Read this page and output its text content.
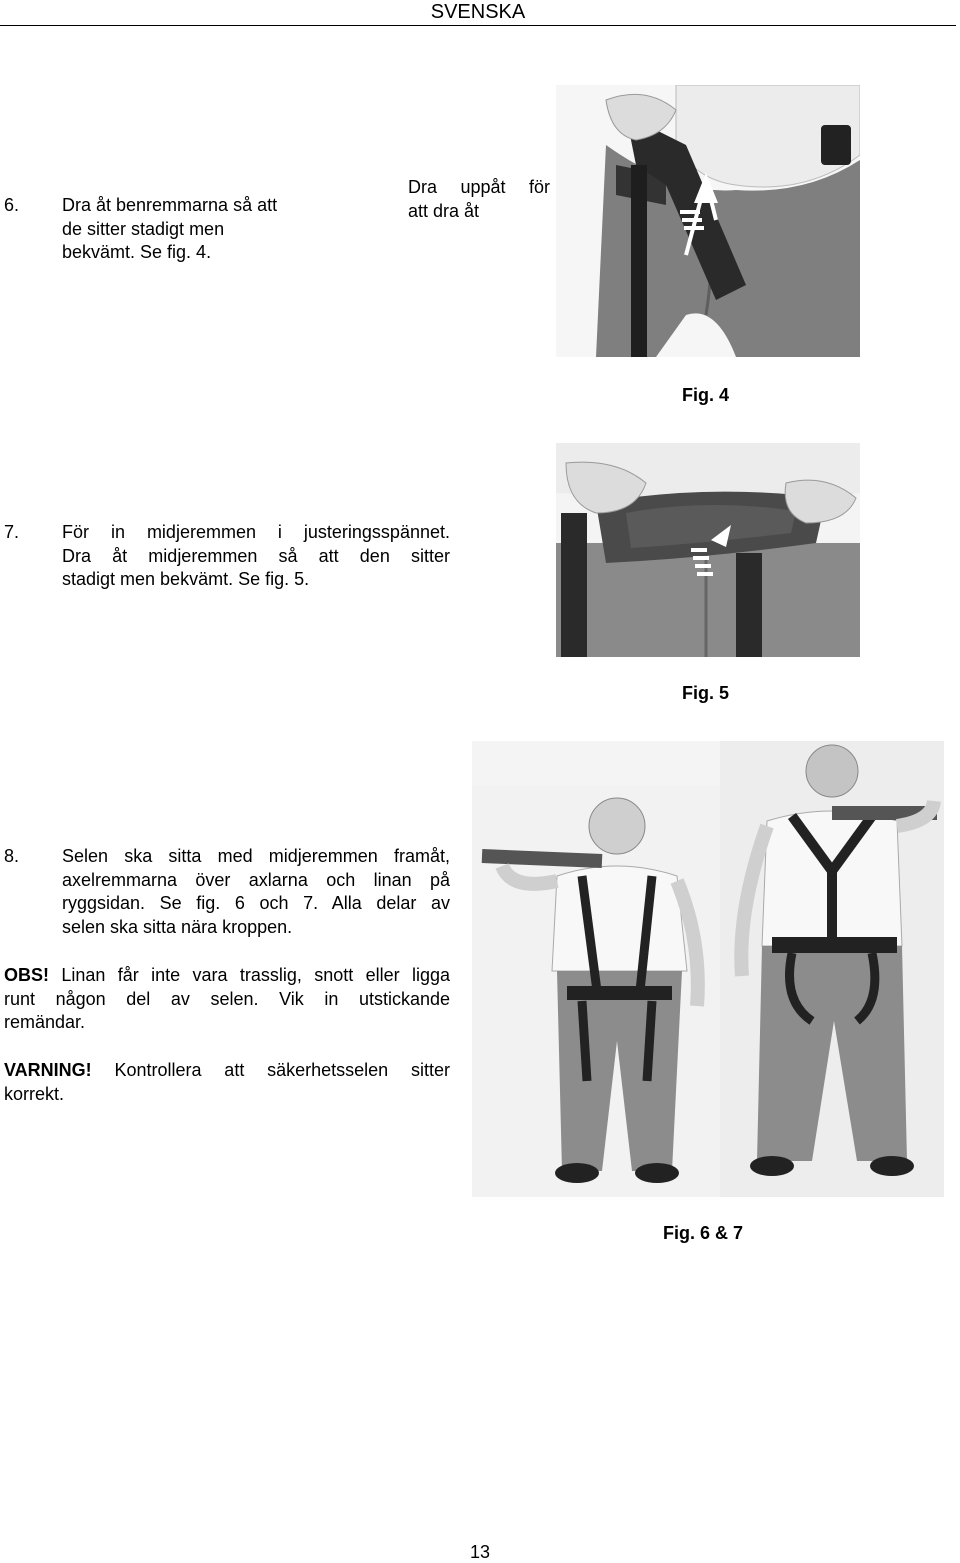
SVENSKA
6. Dra åt benremmarna så att
de sitter stadigt men
bekvämt. Se fig. 4.
Dra uppåt för
att dra åt
Fig. 4
7. För in midjeremmen i justeringsspännet.
Dra åt midjeremmen så att den sitter
stadigt men bekvämt. Se fig. 5.
Fig. 5
8. Selen ska sitta med midjeremmen framåt,
axelremmarna över axlarna och linan på
ryggsidan. Se fig. 6 och 7. Alla delar av
selen ska sitta nära kroppen.
OBS! Linan får inte vara trasslig, snott eller ligga
runt någon del av selen. Vik in utstickande
remändar.
VARNING! Kontrollera att säkerhetsselen sitter
korrekt.
Fig. 6 & 7
13
